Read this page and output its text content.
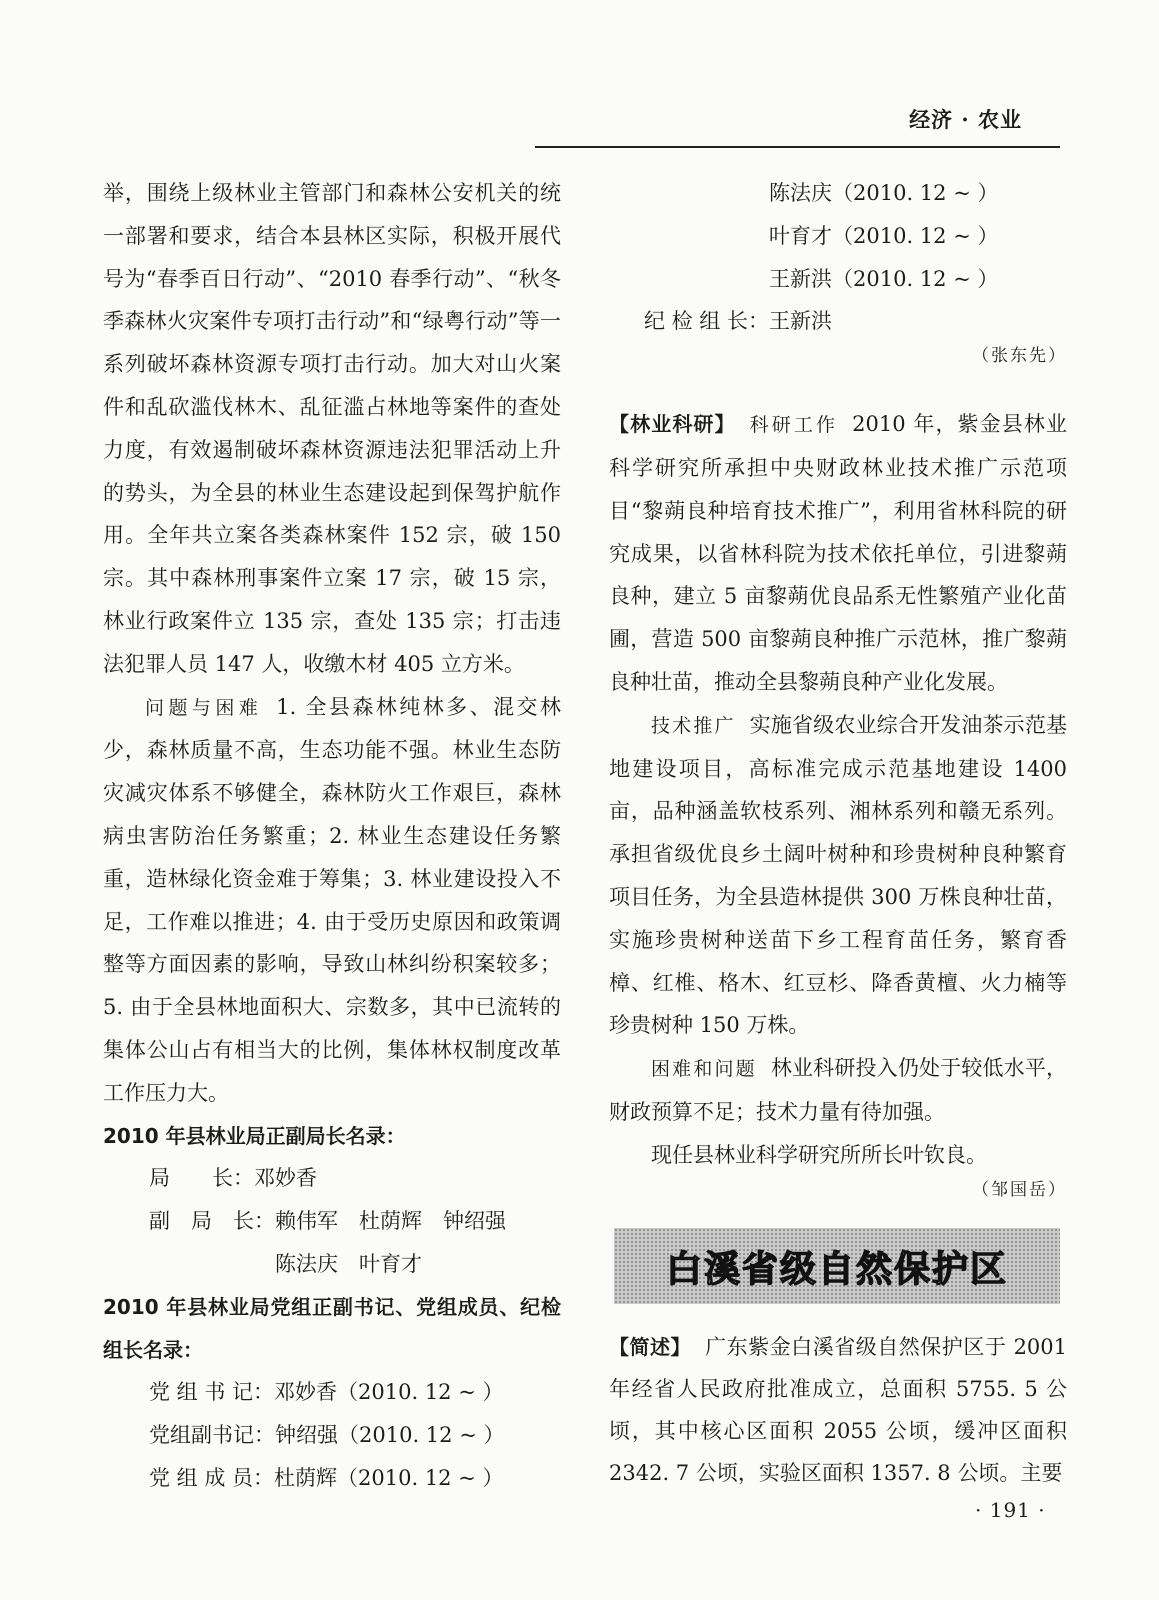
经济 · 农业

举，围绕上级林业主管部门和森林公安机关的统一部署和要求，结合本县林区实际，积极开展代号为“春季百日行动”、“2010 春季行动”、“秋冬季森林火灾案件专项打击行动”和“绿粤行动”等一系列破坏森林资源专项打击行动。加大对山火案件和乱砍滥伐林木、乱征滥占林地等案件的查处力度，有效遏制破坏森林资源违法犯罪活动上升的势头，为全县的林业生态建设起到保驾护航作用。全年共立案各类森林案件 152 宗，破 150 宗。其中森林刑事案件立案 17 宗，破 15 宗，林业行政案件立 135 宗，查处 135 宗；打击违法犯罪人员 147 人，收缴木材 405 立方米。

问题与困难 1. 全县森林纯林多、混交林少，森林质量不高，生态功能不强。林业生态防灾减灾体系不够健全，森林防火工作艰巨，森林病虫害防治任务繁重；2. 林业生态建设任务繁重，造林绿化资金难于筹集；3. 林业建设投入不足，工作难以推进；4. 由于受历史原因和政策调整等方面因素的影响，导致山林纠纷积案较多；5. 由于全县林地面积大、宗数多，其中已流转的集体公山占有相当大的比例，集体林权制度改革工作压力大。

2010 年县林业局正副局长名录：

局　　长：邓妙香
副　局　长：赖伟军　杜荫辉　钟绍强
陈法庆　叶育才

2010 年县林业局党组正副书记、党组成员、纪检组长名录：

党 组 书 记：邓妙香（2010. 12 ~ ）
党组副书记：钟绍强（2010. 12 ~ ）
党 组 成 员：杜荫辉（2010. 12 ~ ）
陈法庆（2010. 12 ~ ）
叶育才（2010. 12 ~ ）
王新洪（2010. 12 ~ ）
纪 检 组 长：王新洪
（张东先）

【林业科研】 科研工作 2010 年，紫金县林业科学研究所承担中央财政林业技术推广示范项目“黎蒴良种培育技术推广”，利用省林科院的研究成果，以省林科院为技术依托单位，引进黎蒴良种，建立 5 亩黎蒴优良品系无性繁殖产业化苗圃，营造 500 亩黎蒴良种推广示范林，推广黎蒴良种壮苗，推动全县黎蒴良种产业化发展。

技术推广 实施省级农业综合开发油茶示范基地建设项目，高标准完成示范基地建设 1400 亩，品种涵盖软枝系列、湘林系列和赣无系列。承担省级优良乡土阔叶树种和珍贵树种良种繁育项目任务，为全县造林提供 300 万株良种壮苗，实施珍贵树种送苗下乡工程育苗任务，繁育香樟、红椎、格木、红豆杉、降香黄檀、火力楠等珍贵树种 150 万株。

困难和问题 林业科研投入仍处于较低水平，财政预算不足；技术力量有待加强。

现任县林业科学研究所所长叶钦良。

（邹国岳）
白溪省级自然保护区

【简述】 广东紫金白溪省级自然保护区于 2001 年经省人民政府批准成立，总面积 5755. 5 公顷，其中核心区面积 2055 公顷，缓冲区面积 2342. 7 公顷，实验区面积 1357. 8 公顷。主要

· 191 ·
